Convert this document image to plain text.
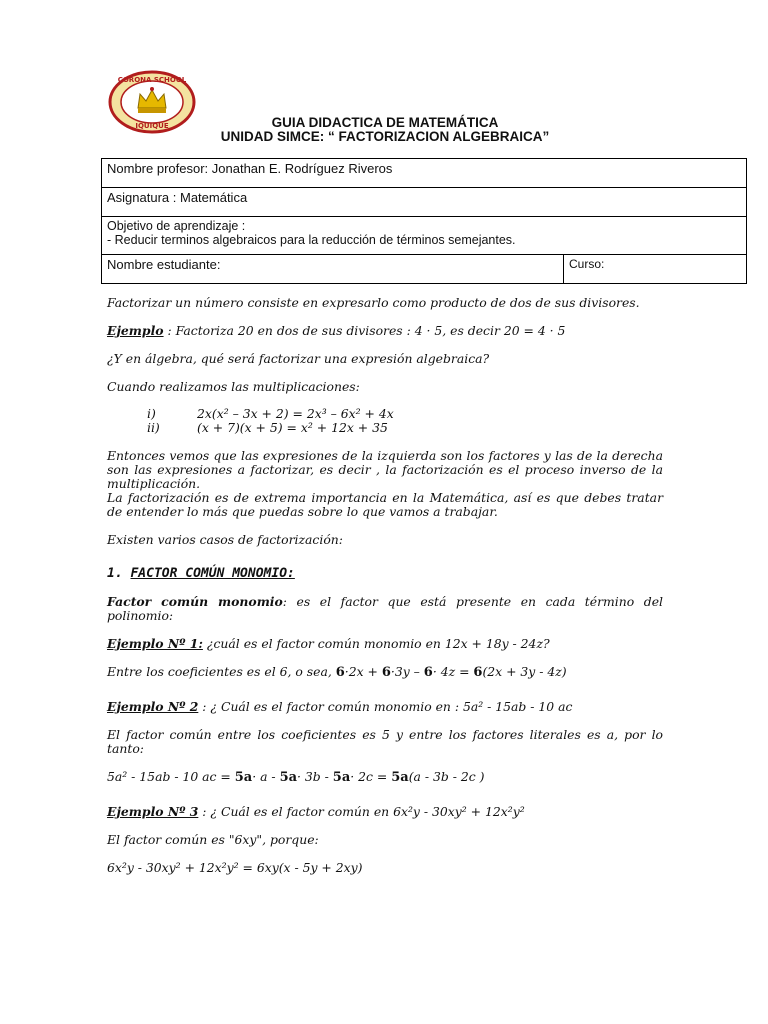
CORONA SCHOOL
IQUIQUE	GUIA DIDACTICA DE MATEMÁTICA
UNIDAD SIMCE: “ FACTORIZACION ALGEBRAICA”
Nombre profesor: Jonathan E. Rodríguez Riveros
Asignatura : Matemática

Objetivo de aprendizaje :
- Reducir terminos algebraicos para la reducción de términos semejantes.

Nombre estudiante:	Curso:

Factorizar un número consiste en expresarlo como producto de dos de sus divisores.

Ejemplo : Factoriza 20 en dos de sus divisores : 4 · 5, es decir 20 = 4 · 5

¿Y en álgebra, qué será factorizar una expresión algebraica?

Cuando realizamos las multiplicaciones:

i)	2x(x² – 3x + 2) = 2x³ – 6x² + 4x
ii)	(x + 7)(x + 5) = x² + 12x + 35

Entonces vemos que las expresiones de la izquierda son los factores y las de la derecha son las expresiones a factorizar, es decir , la factorización es el proceso inverso de la multiplicación.

La factorización es de extrema importancia en la Matemática, así es que debes tratar de entender lo más que puedas sobre lo que vamos a trabajar.

Existen varios casos de factorización:

1. FACTOR COMÚN MONOMIO:

Factor común monomio: es el factor que está presente en cada término del polinomio:

Ejemplo Nº 1: ¿cuál es el factor común monomio en 12x + 18y - 24z?

Entre los coeficientes es el 6, o sea, 6·2x + 6·3y – 6· 4z = 6(2x + 3y - 4z)

Ejemplo Nº 2 : ¿ Cuál es el factor común monomio en : 5a² - 15ab - 10 ac

El factor común entre los coeficientes es 5 y entre los factores literales es a, por lo tanto:

5a² - 15ab - 10 ac = 5a· a - 5a· 3b - 5a· 2c = 5a(a - 3b - 2c )

Ejemplo Nº 3 : ¿ Cuál es el factor común en 6x²y - 30xy² + 12x²y²

El factor común es "6xy", porque:

6x²y - 30xy² + 12x²y² = 6xy(x - 5y + 2xy)
